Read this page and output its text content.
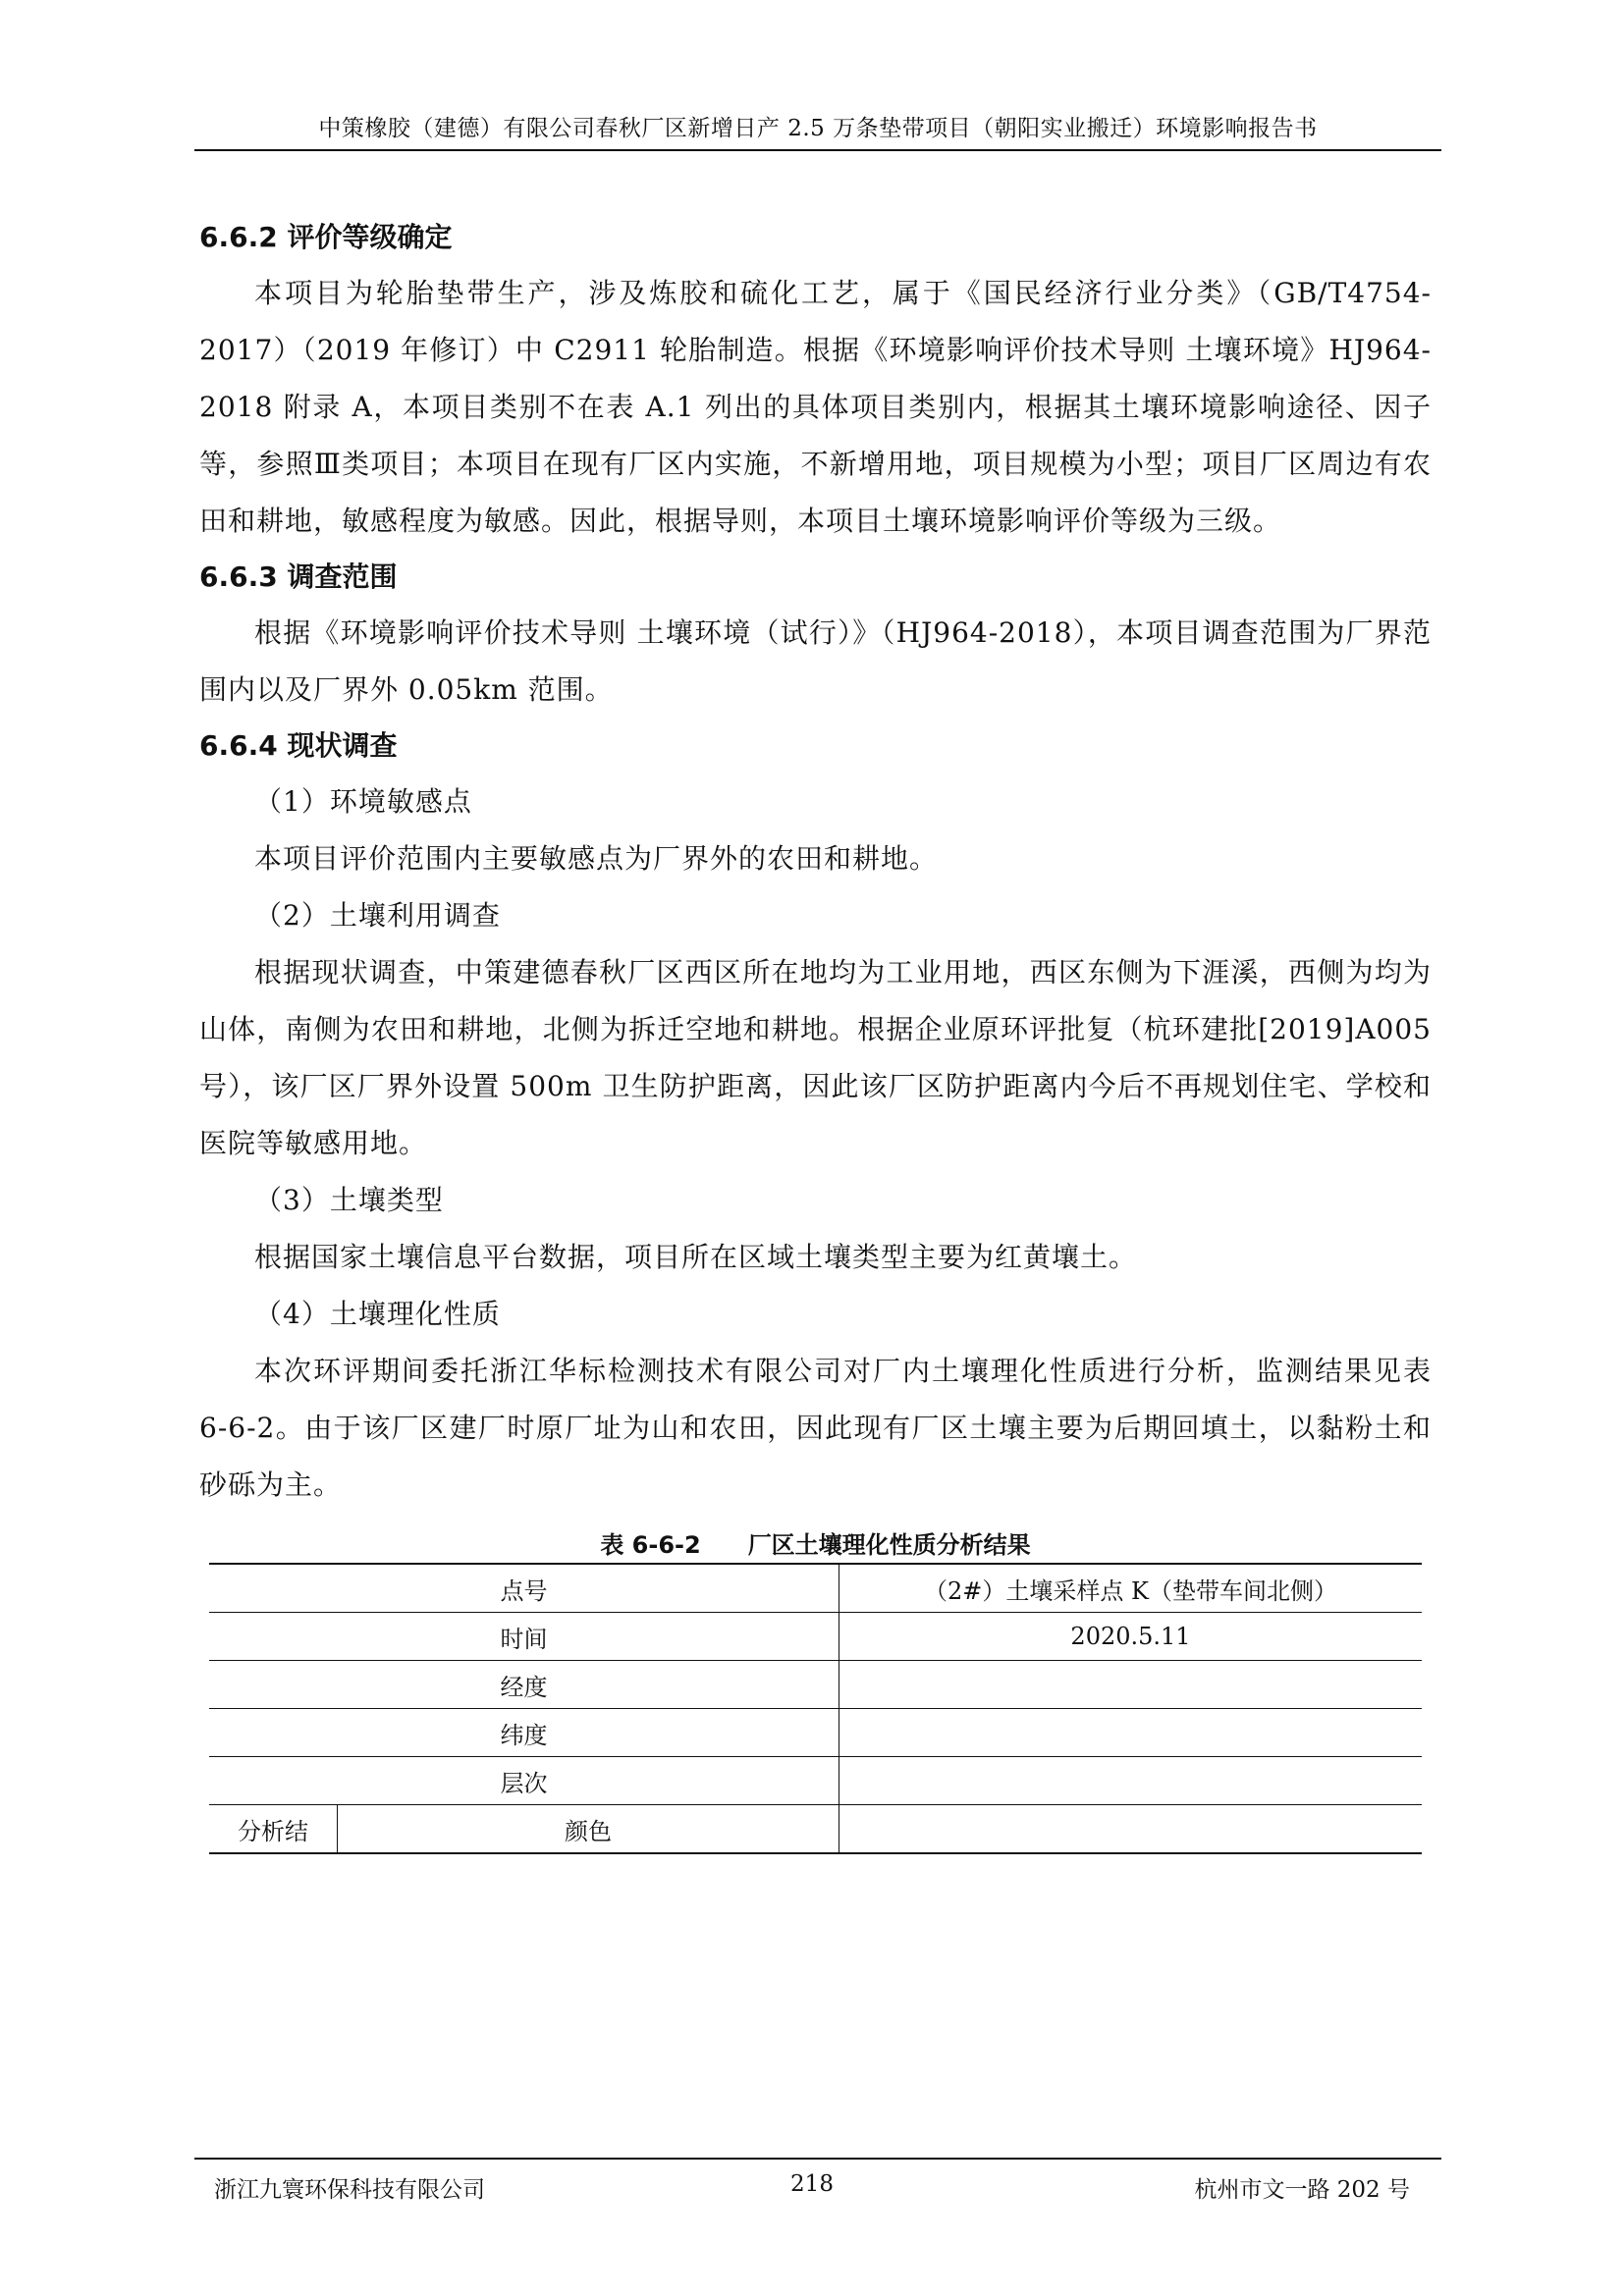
中策橡胶（建德）有限公司春秋厂区新增日产 2.5 万条垫带项目（朝阳实业搬迁）环境影响报告书
6.6.2 评价等级确定

本项目为轮胎垫带生产，涉及炼胶和硫化工艺，属于《国民经济行业分类》（GB/T4754-2017）（2019 年修订）中 C2911 轮胎制造。根据《环境影响评价技术导则 土壤环境》HJ964-2018 附录 A，本项目类别不在表 A.1 列出的具体项目类别内，根据其土壤环境影响途径、因子等，参照Ⅲ类项目；本项目在现有厂区内实施，不新增用地，项目规模为小型；项目厂区周边有农田和耕地，敏感程度为敏感。因此，根据导则，本项目土壤环境影响评价等级为三级。

6.6.3 调查范围

根据《环境影响评价技术导则 土壤环境（试行）》（HJ964-2018），本项目调查范围为厂界范围内以及厂界外 0.05km 范围。

6.6.4 现状调查

（1）环境敏感点

本项目评价范围内主要敏感点为厂界外的农田和耕地。

（2）土壤利用调查

根据现状调查，中策建德春秋厂区西区所在地均为工业用地，西区东侧为下涯溪，西侧为均为山体，南侧为农田和耕地，北侧为拆迁空地和耕地。根据企业原环评批复（杭环建批[2019]A005 号），该厂区厂界外设置 500m 卫生防护距离，因此该厂区防护距离内今后不再规划住宅、学校和医院等敏感用地。

（3）土壤类型

根据国家土壤信息平台数据，项目所在区域土壤类型主要为红黄壤土。

（4）土壤理化性质

本次环评期间委托浙江华标检测技术有限公司对厂内土壤理化性质进行分析，监测结果见表 6-6-2。由于该厂区建厂时原厂址为山和农田，因此现有厂区土壤主要为后期回填土，以黏粉土和砂砾为主。

表 6-6-2 厂区土壤理化性质分析结果
点号		（2#）土壤采样点 K（垫带车间北侧）
时间		2020.5.11
经度		
纬度		
层次		
分析结	颜色	
浙江九寰环保科技有限公司	218	杭州市文一路 202 号
